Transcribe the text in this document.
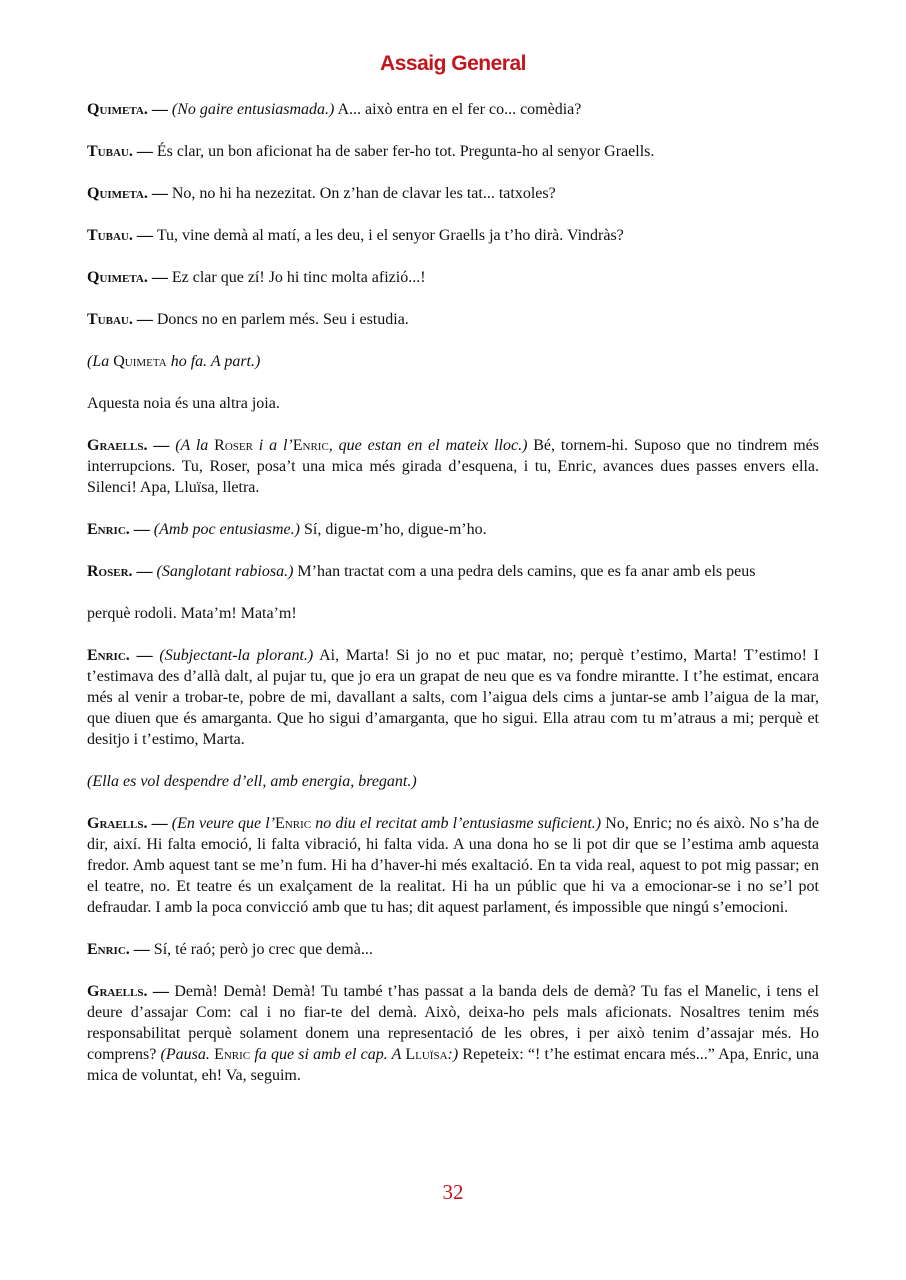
Assaig General

Quimeta. — (No gaire entusiasmada.) A... això entra en el fer co... comèdia?

Tubau. — És clar, un bon aficionat ha de saber fer-ho tot. Pregunta-ho al senyor Graells.

Quimeta. — No, no hi ha nezezitat. On z’han de clavar les tat... tatxoles?

Tubau. — Tu, vine demà al matí, a les deu, i el senyor Graells ja t’ho dirà. Vindràs?

Quimeta. — Ez clar que zí! Jo hi tinc molta afizió...!

Tubau. — Doncs no en parlem més. Seu i estudia.

(La Quimeta ho fa. A part.)

Aquesta noia és una altra joia.

Graells. — (A la Roser i a l’Enric, que estan en el mateix lloc.) Bé, tornem-hi. Suposo que no tindrem més interrupcions. Tu, Roser, posa’t una mica més girada d’esquena, i tu, Enric, avances dues passes envers ella. Silenci! Apa, Lluïsa, lletra.

Enric. — (Amb poc entusiasme.) Sí, digue-m’ho, digue-m’ho.

Roser. — (Sanglotant rabiosa.) M’han tractat com a una pedra dels camins, que es fa anar amb els peus

perquè rodoli. Mata’m! Mata’m!

Enric. — (Subjectant-la plorant.) Ai, Marta! Si jo no et puc matar, no; perquè t’estimo, Marta! T’estimo! I t’estimava des d’allà dalt, al pujar tu, que jo era un grapat de neu que es va fondre mirantte. I t’he estimat, encara més al venir a trobar-te, pobre de mi, davallant a salts, com l’aigua dels cims a juntar-se amb l’aigua de la mar, que diuen que és amarganta. Que ho sigui d’amarganta, que ho sigui. Ella atrau com tu m’atraus a mi; perquè et desitjo i t’estimo, Marta.

(Ella es vol despendre d’ell, amb energia, bregant.)

Graells. — (En veure que l’Enric no diu el recitat amb l’entusiasme suficient.) No, Enric; no és això. No s’ha de dir, així. Hi falta emoció, li falta vibració, hi falta vida. A una dona ho se li pot dir que se l’estima amb aquesta fredor. Amb aquest tant se me’n fum. Hi ha d’haver-hi més exaltació. En ta vida real, aquest to pot mig passar; en el teatre, no. Et teatre és un exalçament de la realitat. Hi ha un públic que hi va a emocionar-se i no se’l pot defraudar. I amb la poca convicció amb que tu has; dit aquest parlament, és impossible que ningú s’emocioni.

Enric. — Sí, té raó; però jo crec que demà...

Graells. — Demà! Demà! Demà! Tu també t’has passat a la banda dels de demà? Tu fas el Manelic, i tens el deure d’assajar Com: cal i no fiar-te del demà. Això, deixa-ho pels mals aficionats. Nosaltres tenim més responsabilitat perquè solament donem una representació de les obres, i per això tenim d’assajar més. Ho comprens? (Pausa. Enric fa que si amb el cap. A Lluïsa:) Repeteix: “! t’he estimat encara més...” Apa, Enric, una mica de voluntat, eh! Va, seguim.

32
